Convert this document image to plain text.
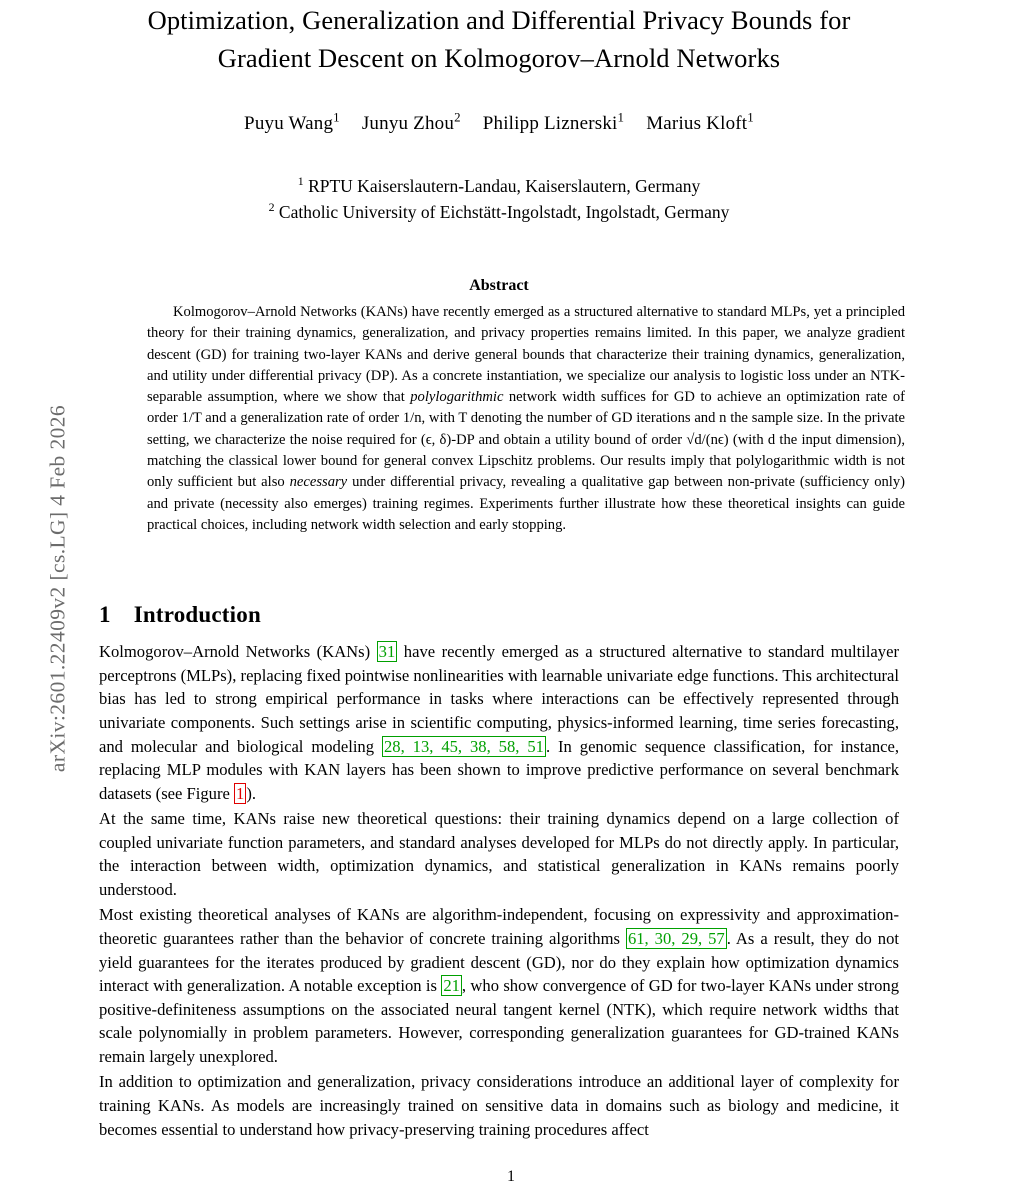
arXiv:2601.22409v2 [cs.LG] 4 Feb 2026
Optimization, Generalization and Differential Privacy Bounds for
Gradient Descent on Kolmogorov–Arnold Networks
Puyu Wang$^1$ Junyu Zhou$^2$ Philipp Liznerski$^1$ Marius Kloft$^1$
$^1$ RPTU Kaiserslautern-Landau, Kaiserslautern, Germany
$^2$ Catholic University of Eichstätt-Ingolstadt, Ingolstadt, Germany
Abstract
Kolmogorov–Arnold Networks (KANs) have recently emerged as a structured alternative to standard MLPs, yet a principled theory for their training dynamics, generalization, and privacy properties remains limited. In this paper, we analyze gradient descent (GD) for training two-layer KANs and derive general bounds that characterize their training dynamics, generalization, and utility under differential privacy (DP). As a concrete instantiation, we specialize our analysis to logistic loss under an NTK-separable assumption, where we show that polylogarithmic network width suffices for GD to achieve an optimization rate of order 1/T and a generalization rate of order 1/n, with T denoting the number of GD iterations and n the sample size. In the private setting, we characterize the noise required for (ϵ, δ)-DP and obtain a utility bound of order √d/(nϵ) (with d the input dimension), matching the classical lower bound for general convex Lipschitz problems. Our results imply that polylogarithmic width is not only sufficient but also necessary under differential privacy, revealing a qualitative gap between non-private (sufficiency only) and private (necessity also emerges) training regimes. Experiments further illustrate how these theoretical insights can guide practical choices, including network width selection and early stopping.
1 Introduction

Kolmogorov–Arnold Networks (KANs) 31 have recently emerged as a structured alternative to standard multilayer perceptrons (MLPs), replacing fixed pointwise nonlinearities with learnable univariate edge functions. This architectural bias has led to strong empirical performance in tasks where interactions can be effectively represented through univariate components. Such settings arise in scientific computing, physics-informed learning, time series forecasting, and molecular and biological modeling 28, 13, 45, 38, 58, 51 . In genomic sequence classification, for instance, replacing MLP modules with KAN layers has been shown to improve predictive performance on several benchmark datasets (see Figure 1 ).

At the same time, KANs raise new theoretical questions: their training dynamics depend on a large collection of coupled univariate function parameters, and standard analyses developed for MLPs do not directly apply. In particular, the interaction between width, optimization dynamics, and statistical generalization in KANs remains poorly understood.

Most existing theoretical analyses of KANs are algorithm-independent, focusing on expressivity and approximation-theoretic guarantees rather than the behavior of concrete training algorithms 61, 30, 29, 57 . As a result, they do not yield guarantees for the iterates produced by gradient descent (GD), nor do they explain how optimization dynamics interact with generalization. A notable exception is 21 , who show convergence of GD for two-layer KANs under strong positive-definiteness assumptions on the associated neural tangent kernel (NTK), which require network widths that scale polynomially in problem parameters. However, corresponding generalization guarantees for GD-trained KANs remain largely unexplored.

In addition to optimization and generalization, privacy considerations introduce an additional layer of complexity for training KANs. As models are increasingly trained on sensitive data in domains such as biology and medicine, it becomes essential to understand how privacy-preserving training procedures affect

1
